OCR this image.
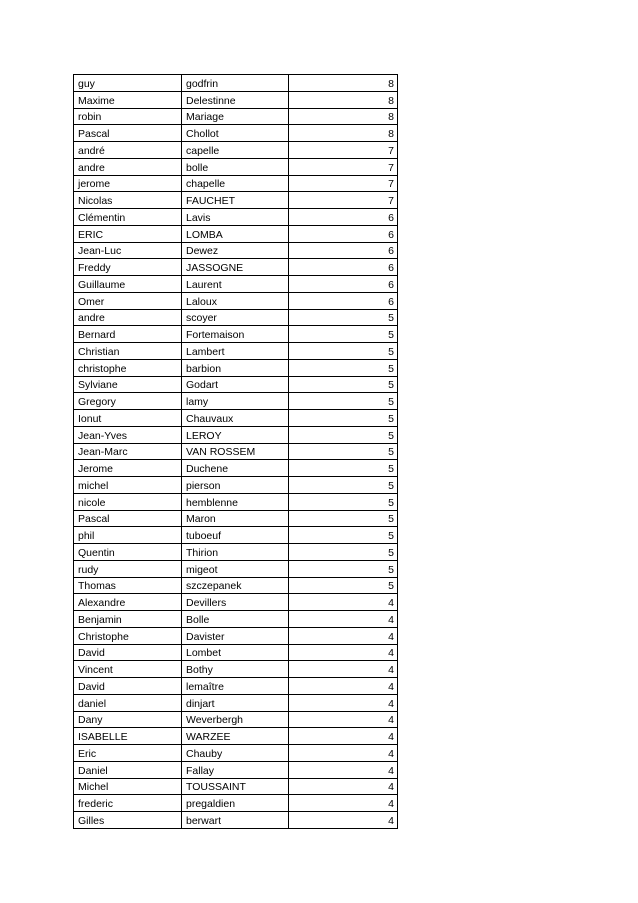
guy	godfrin	8
Maxime	Delestinne	8
robin	Mariage	8
Pascal	Chollot	8
andré	capelle	7
andre	bolle	7
jerome	chapelle	7
Nicolas	FAUCHET	7
Clémentin	Lavis	6
ERIC	LOMBA	6
Jean-Luc	Dewez	6
Freddy	JASSOGNE	6
Guillaume	Laurent	6
Omer	Laloux	6
andre	scoyer	5
Bernard	Fortemaison	5
Christian	Lambert	5
christophe	barbion	5
Sylviane	Godart	5
Gregory	lamy	5
Ionut	Chauvaux	5
Jean-Yves	LEROY	5
Jean-Marc	VAN ROSSEM	5
Jerome	Duchene	5
michel	pierson	5
nicole	hemblenne	5
Pascal	Maron	5
phil	tuboeuf	5
Quentin	Thirion	5
rudy	migeot	5
Thomas	szczepanek	5
Alexandre	Devillers	4
Benjamin	Bolle	4
Christophe	Davister	4
David	Lombet	4
Vincent	Bothy	4
David	lemaître	4
daniel	dinjart	4
Dany	Weverbergh	4
ISABELLE	WARZEE	4
Eric	Chauby	4
Daniel	Fallay	4
Michel	TOUSSAINT	4
frederic	pregaldien	4
Gilles	berwart	4
